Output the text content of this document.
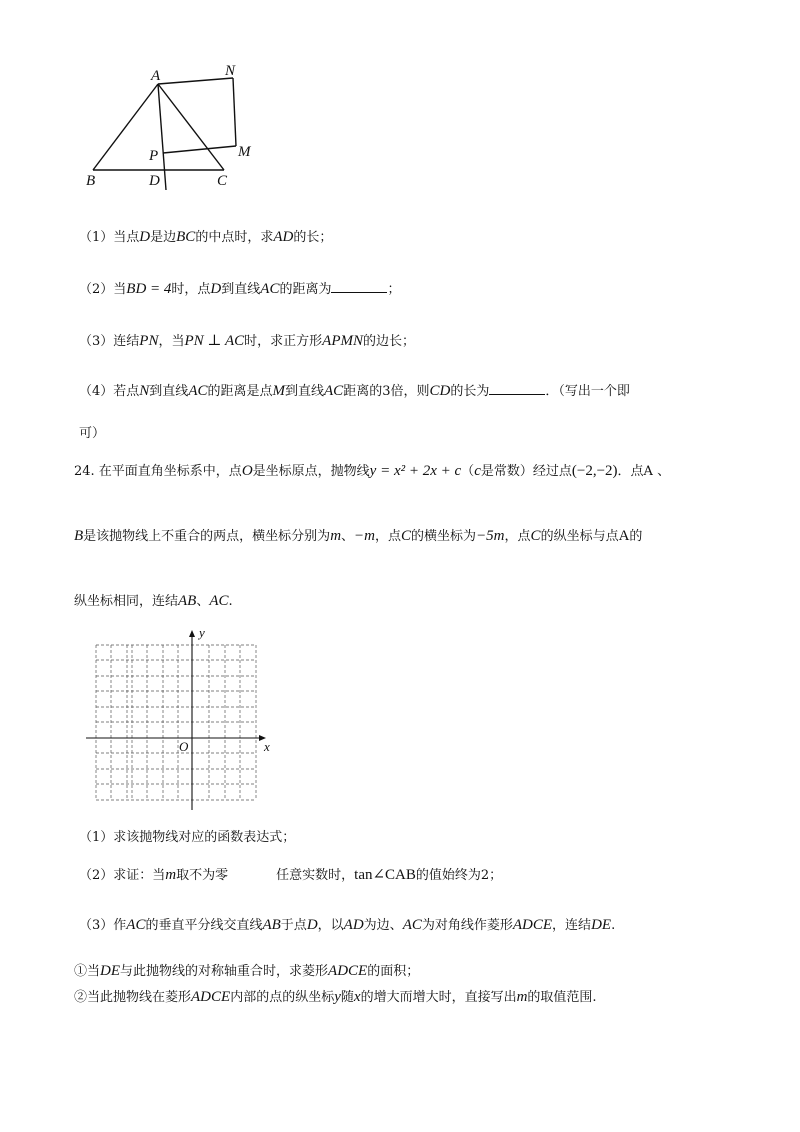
A	N
P	M
B	D	C
（1）当点D是边BC的中点时，求AD的长；
（2）当BD = 4时，点D到直线AC的距离为	；
（3）连结PN，当PN ⊥ AC时，求正方形APMN的边长；
（4）若点N到直线AC的距离是点M到直线AC距离的3倍，则CD的长为	．（写出一个即
可）
24. 在平面直角坐标系中，点O是坐标原点，抛物线y = x² + 2x + c（c是常数）经过点(−2,−2)．点A 、
B是该抛物线上不重合的两点，横坐标分别为m、−m，点C的横坐标为−5m，点C的纵坐标与点A的
纵坐标相同，连结AB、AC.
y
x
O
（1）求该抛物线对应的函数表达式；
（2）求证：当m取不为零	任意实数时，tan∠CAB的值始终为2；
（3）作AC的垂直平分线交直线AB于点D，以AD为边、AC为对角线作菱形ADCE，连结DE.
①当DE与此抛物线的对称轴重合时，求菱形ADCE的面积；
②当此抛物线在菱形ADCE内部的点的纵坐标y随x的增大而增大时，直接写出m的取值范围.
